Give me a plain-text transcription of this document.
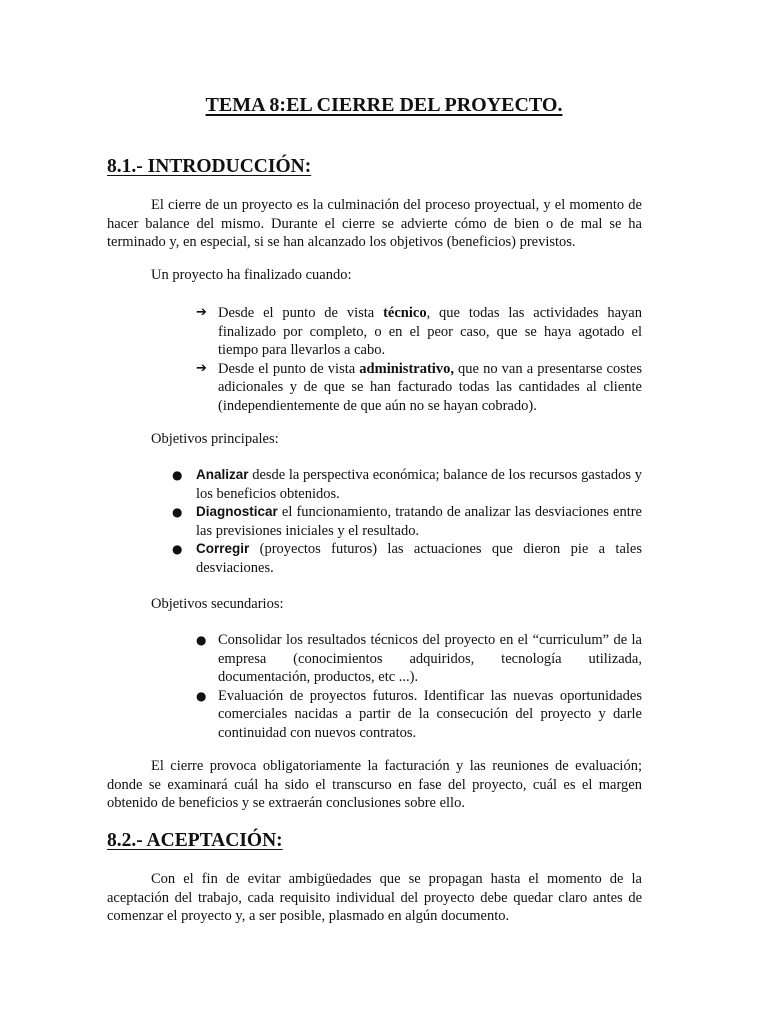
TEMA 8:EL CIERRE DEL PROYECTO.
8.1.- INTRODUCCIÓN:

El cierre de un proyecto es la culminación del proceso proyectual, y el momento de hacer balance del mismo. Durante el cierre se advierte cómo de bien o de mal se ha terminado y, en especial, si se han alcanzado los objetivos (beneficios) previstos.

Un proyecto ha finalizado cuando:

➔ Desde el punto de vista técnico, que todas las actividades hayan finalizado por completo, o en el peor caso, que se haya agotado el tiempo para llevarlos a cabo.
➔ Desde el punto de vista administrativo, que no van a presentarse costes adicionales y de que se han facturado todas las cantidades al cliente (independientemente de que aún no se hayan cobrado).

Objetivos principales:

●	Analizar desde la perspectiva económica; balance de los recursos gastados y los beneficios obtenidos.
●	Diagnosticar el funcionamiento, tratando de analizar las desviaciones entre las previsiones iniciales y el resultado.
●	Corregir (proyectos futuros) las actuaciones que dieron pie a tales desviaciones.

Objetivos secundarios:

● Consolidar los resultados técnicos del proyecto en el “curriculum” de la empresa (conocimientos adquiridos, tecnología utilizada, documentación, productos, etc ...).
● Evaluación de proyectos futuros. Identificar las nuevas oportunidades comerciales nacidas a partir de la consecución del proyecto y darle continuidad con nuevos contratos.

El cierre provoca obligatoriamente la facturación y las reuniones de evaluación; donde se examinará cuál ha sido el transcurso en fase del proyecto, cuál es el margen obtenido de beneficios y se extraerán conclusiones sobre ello.

8.2.- ACEPTACIÓN:

Con el fin de evitar ambigüedades que se propagan hasta el momento de la aceptación del trabajo, cada requisito individual del proyecto debe quedar claro antes de comenzar el proyecto y, a ser posible, plasmado en algún documento.
